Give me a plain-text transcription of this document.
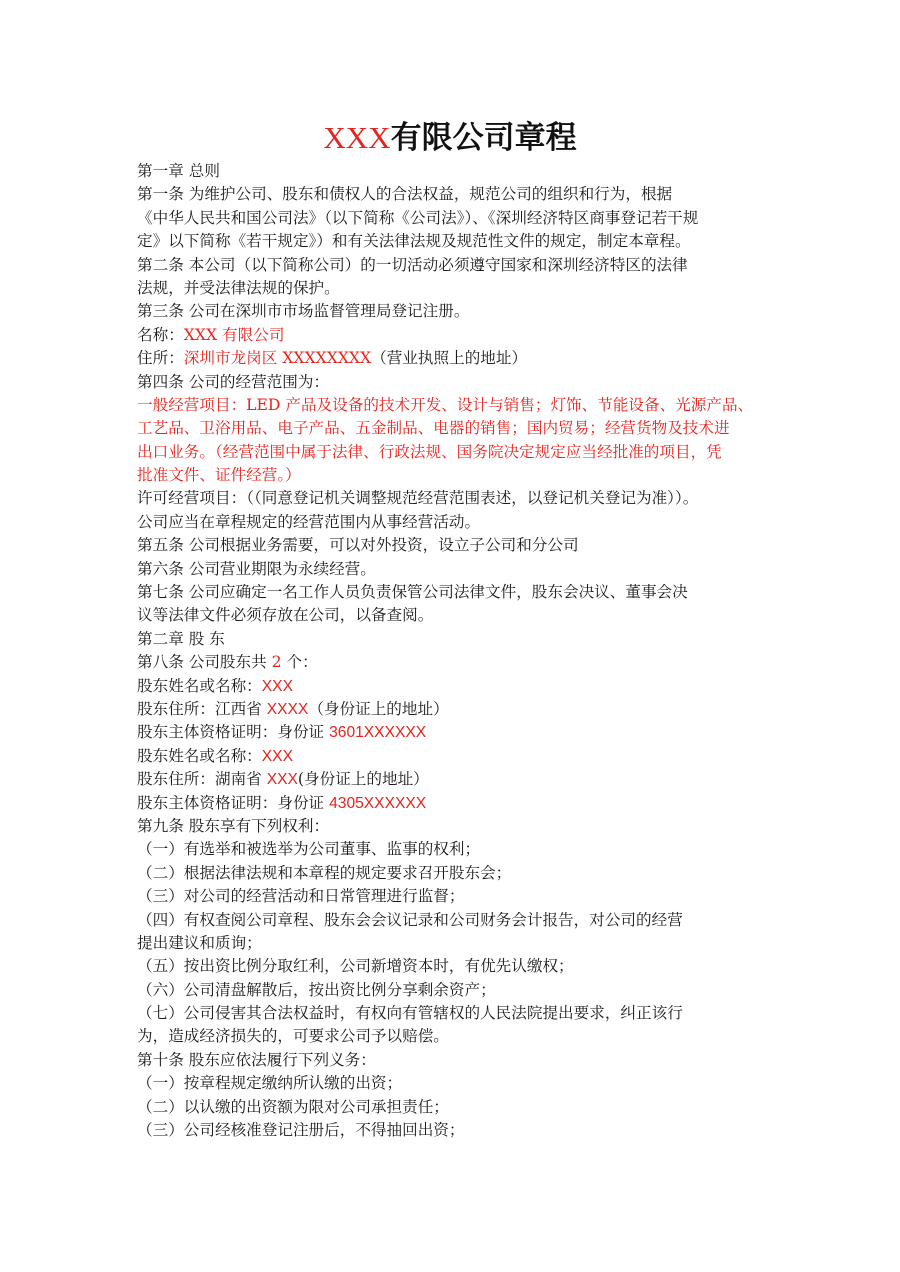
XXX有限公司章程
第一章 总则
第一条 为维护公司、股东和债权人的合法权益，规范公司的组织和行为，根据
《中华人民共和国公司法》（以下简称《公司法》）、《深圳经济特区商事登记若干规
定》以下简称《若干规定》）和有关法律法规及规范性文件的规定，制定本章程。
第二条 本公司（以下简称公司）的一切活动必须遵守国家和深圳经济特区的法律
法规，并受法律法规的保护。
第三条 公司在深圳市市场监督管理局登记注册。
名称：XXX 有限公司
住所：深圳市龙岗区 XXXXXXXX（营业执照上的地址）
第四条 公司的经营范围为：
一般经营项目：LED 产品及设备的技术开发、设计与销售；灯饰、节能设备、光源产品、
工艺品、卫浴用品、电子产品、五金制品、电器的销售；国内贸易；经营货物及技术进
出口业务。（经营范围中属于法律、行政法规、国务院决定规定应当经批准的项目，凭
批准文件、证件经营。）
许可经营项目：（（同意登记机关调整规范经营范围表述，以登记机关登记为准））。
公司应当在章程规定的经营范围内从事经营活动。
第五条 公司根据业务需要，可以对外投资，设立子公司和分公司
第六条 公司营业期限为永续经营。
第七条 公司应确定一名工作人员负责保管公司法律文件，股东会决议、董事会决
议等法律文件必须存放在公司，以备查阅。
第二章 股 东
第八条 公司股东共 2 个：
股东姓名或名称：XXX
股东住所：江西省 XXXX（身份证上的地址）
股东主体资格证明：身份证 3601XXXXXX
股东姓名或名称：XXX
股东住所：湖南省 XXX(身份证上的地址）
股东主体资格证明：身份证 4305XXXXXX
第九条 股东享有下列权利：
（一）有选举和被选举为公司董事、监事的权利；
（二）根据法律法规和本章程的规定要求召开股东会；
（三）对公司的经营活动和日常管理进行监督；
（四）有权查阅公司章程、股东会会议记录和公司财务会计报告，对公司的经营
提出建议和质询；
（五）按出资比例分取红利，公司新增资本时，有优先认缴权；
（六）公司清盘解散后，按出资比例分享剩余资产；
（七）公司侵害其合法权益时，有权向有管辖权的人民法院提出要求，纠正该行
为，造成经济损失的，可要求公司予以赔偿。
第十条 股东应依法履行下列义务：
（一）按章程规定缴纳所认缴的出资；
（二）以认缴的出资额为限对公司承担责任；
（三）公司经核准登记注册后，不得抽回出资；
